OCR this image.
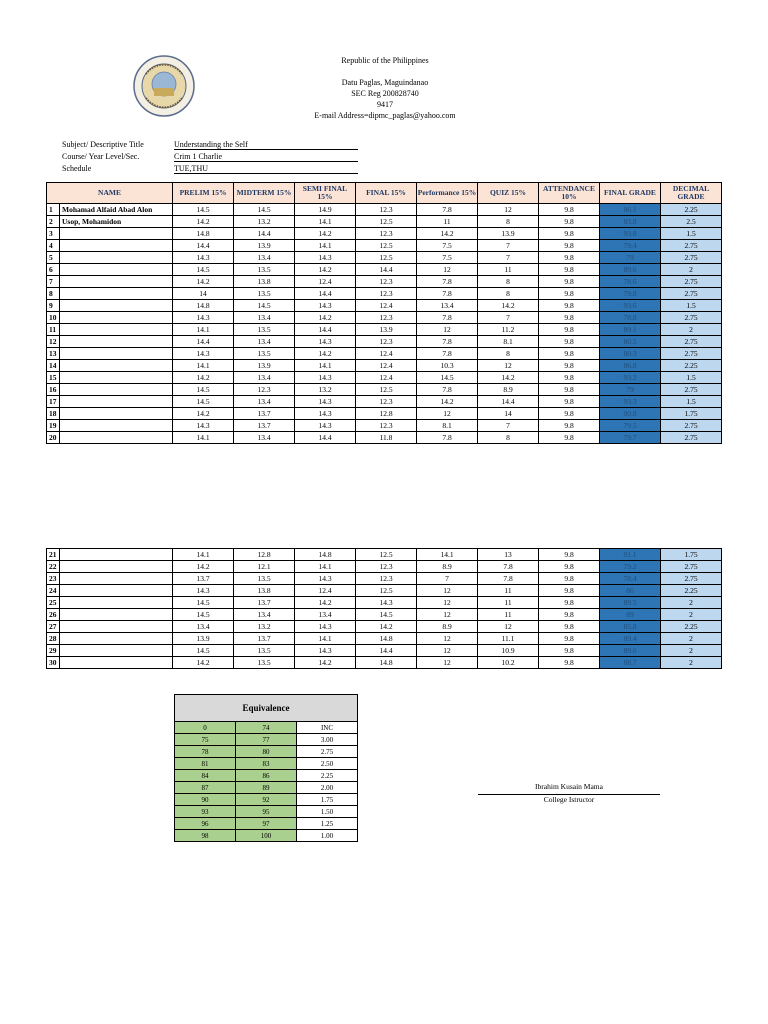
Republic of the Philippines
Datu Paglas, Maguindanao
SEC Reg 200828740
9417
E-mail Address=dipmc_paglas@yahoo.com
Subject/ Descriptive Title	Understanding the Self
Course/ Year Level/Sec.	Crim 1 Charlie
Schedule	TUE,THU
NAME		PRELIM 15%	MIDTERM 15%	SEMI FINAL 15%	FINAL 15%	Performance 15%	QUIZ 15%	ATTENDANCE 10%	FINAL GRADE	DECIMAL GRADE
1	Mohamad Alfaid Abad Alon	14.5	14.5	14.9	12.3	7.8	12	9.8	86.1	2.25
2	Usop, Mohamidon	14.2	13.2	14.1	12.5	11	8	9.8	83.8	2.5
3		14.8	14.4	14.2	12.3	14.2	13.9	9.8	93.8	1.5
4		14.4	13.9	14.1	12.5	7.5	7	9.8	79.4	2.75
5		14.3	13.4	14.3	12.5	7.5	7	9.8	79	2.75
6		14.5	13.5	14.2	14.4	12	11	9.8	89.6	2
7		14.2	13.8	12.4	12.3	7.8	8	9.8	78.6	2.75
8		14	13.5	14.4	12.3	7.8	8	9.8	79.8	2.75
9		14.8	14.5	14.3	12.4	13.4	14.2	9.8	93.6	1.5
10		14.3	13.4	14.2	12.3	7.8	7	9.8	78.8	2.75
11		14.1	13.5	14.4	13.9	12	11.2	9.8	89.1	2
12		14.4	13.4	14.3	12.3	7.8	8.1	9.8	80.5	2.75
13		14.3	13.5	14.2	12.4	7.8	8	9.8	80.3	2.75
14		14.1	13.9	14.1	12.4	10.3	12	9.8	86.8	2.25
15		14.2	13.4	14.3	12.4	14.5	14.2	9.8	93.2	1.5
16		14.5	12.3	13.2	12.5	7.8	8.9	9.8	79	2.75
17		14.5	13.4	14.3	12.3	14.2	14.4	9.8	93.3	1.5
18		14.2	13.7	14.3	12.8	12	14	9.8	90.8	1.75
19		14.3	13.7	14.3	12.3	8.1	7	9.8	79.5	2.75
20		14.1	13.4	14.4	11.8	7.8	8	9.8	79.7	2.75
21		14.1	12.8	14.8	12.5	14.1	13	9.8	91.1	1.75
22		14.2	12.1	14.1	12.3	8.9	7.8	9.8	79.2	2.75
23		13.7	13.5	14.3	12.3	7	7.8	9.8	78.4	2.75
24		14.3	13.8	12.4	12.5	12	11	9.8	86	2.25
25		14.5	13.7	14.2	14.3	12	11	9.8	89.5	2
26		14.5	13.4	13.4	14.5	12	11	9.8	89	2
27		13.4	13.2	14.3	14.2	8.9	12	9.8	85.8	2.25
28		13.9	13.7	14.1	14.8	12	11.1	9.8	89.4	2
29		14.5	13.5	14.3	14.4	12	10.9	9.8	89.6	2
30		14.2	13.5	14.2	14.8	12	10.2	9.8	88.7	2
Equivalence		
0	74	INC
75	77	3.00
78	80	2.75
81	83	2.50
84	86	2.25
87	89	2.00
90	92	1.75
93	95	1.50
96	97	1.25
98	100	1.00
Ibrahim Kusain Mama
College Istructor
